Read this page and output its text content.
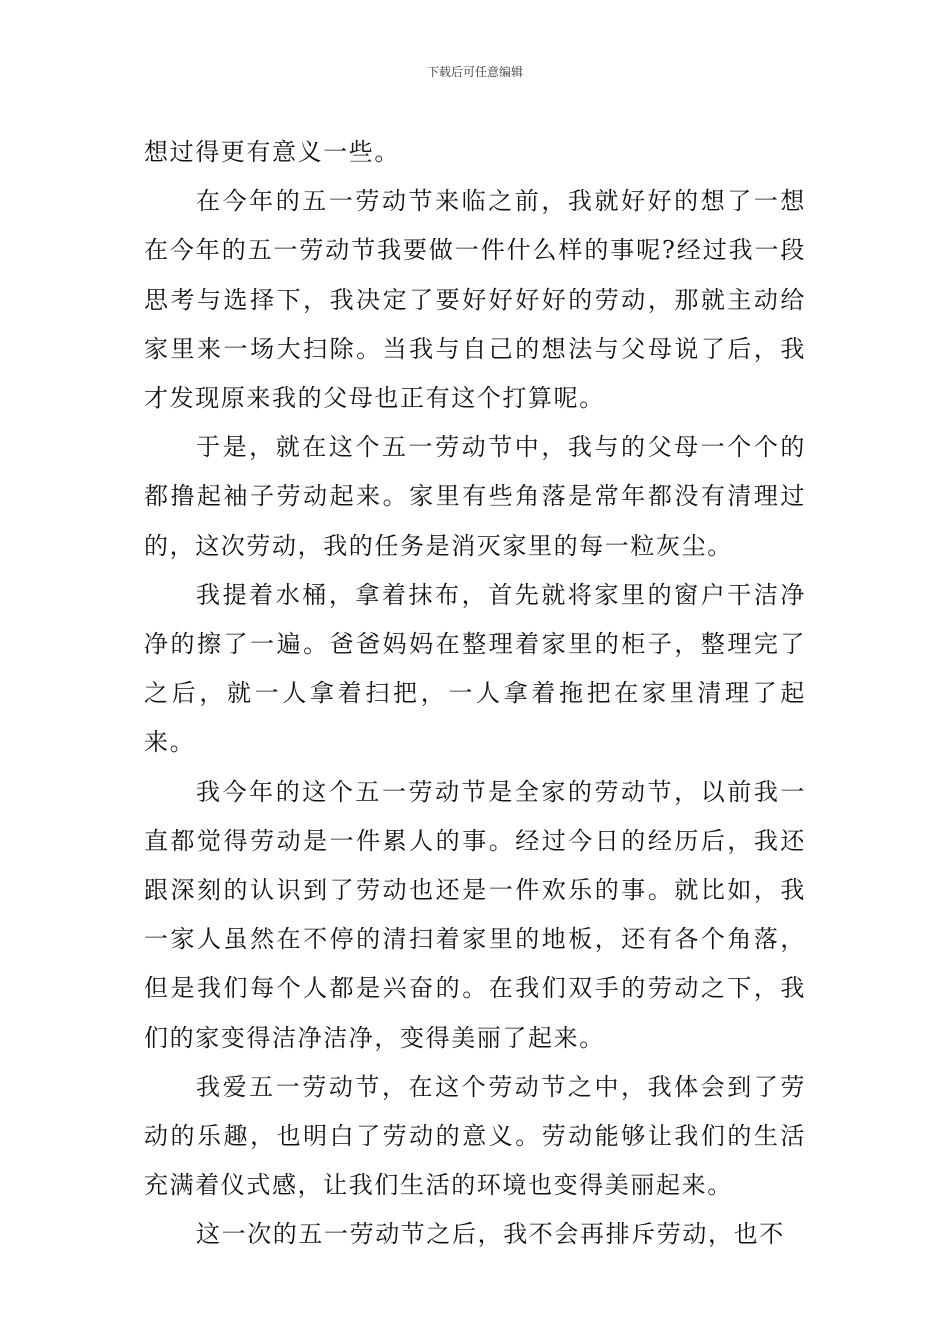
下载后可任意编辑

想过得更有意义一些。

在今年的五一劳动节来临之前，我就好好的想了一想在今年的五一劳动节我要做一件什么样的事呢?经过我一段思考与选择下，我决定了要好好好好的劳动，那就主动给家里来一场大扫除。当我与自己的想法与父母说了后，我才发现原来我的父母也正有这个打算呢。

于是，就在这个五一劳动节中，我与的父母一个个的都撸起袖子劳动起来。家里有些角落是常年都没有清理过的，这次劳动，我的任务是消灭家里的每一粒灰尘。

我提着水桶，拿着抹布，首先就将家里的窗户干洁净净的擦了一遍。爸爸妈妈在整理着家里的柜子，整理完了之后，就一人拿着扫把，一人拿着拖把在家里清理了起来。

我今年的这个五一劳动节是全家的劳动节，以前我一直都觉得劳动是一件累人的事。经过今日的经历后，我还跟深刻的认识到了劳动也还是一件欢乐的事。就比如，我一家人虽然在不停的清扫着家里的地板，还有各个角落，但是我们每个人都是兴奋的。在我们双手的劳动之下，我们的家变得洁净洁净，变得美丽了起来。

我爱五一劳动节，在这个劳动节之中，我体会到了劳动的乐趣，也明白了劳动的意义。劳动能够让我们的生活充满着仪式感，让我们生活的环境也变得美丽起来。

这一次的五一劳动节之后，我不会再排斥劳动，也不
